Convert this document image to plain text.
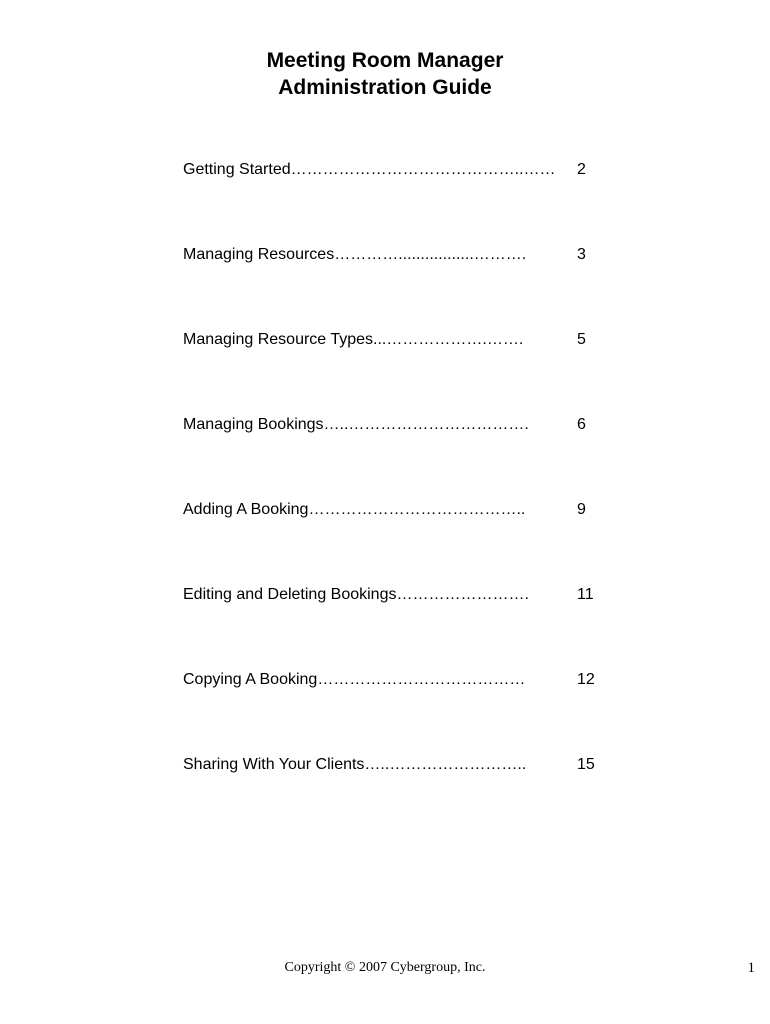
Meeting Room Manager
Administration Guide
Getting Started……………………………………..……	2
Managing Resources………….................……….	3
Managing Resource Types...……………….…….	5
Managing Bookings…..…………………………….	6
Adding A Booking…………………………………..	9
Editing and Deleting Bookings…………………….	11
Copying A Booking…………………………………	12
Sharing With Your Clients…..……………………..	15
Copyright © 2007 Cybergroup, Inc.	1
